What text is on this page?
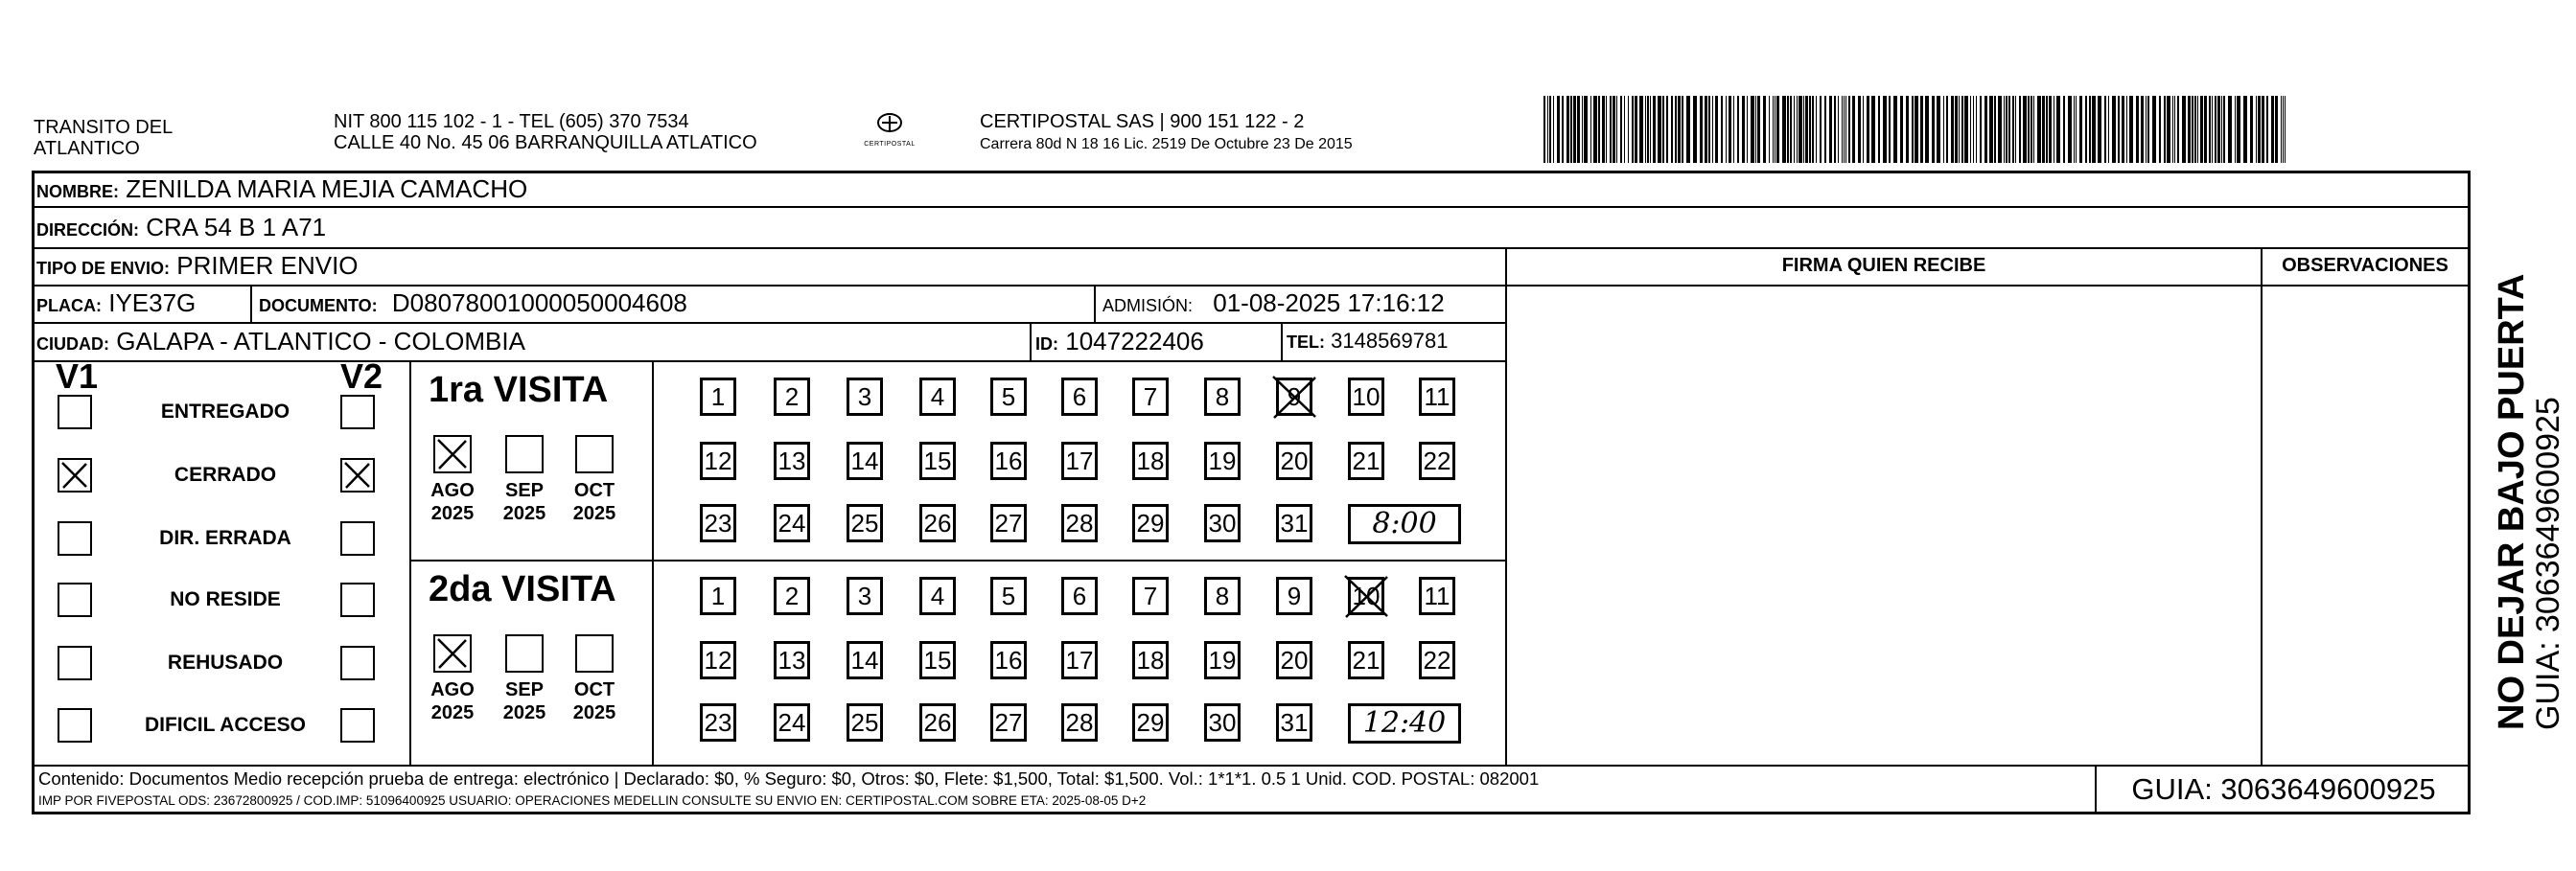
TRANSITO DEL
ATLANTICO
NIT 800 115 102 - 1 - TEL (605) 370 7534
CALLE 40 No. 45 06 BARRANQUILLA ATLATICO	CERTIPOSTAL
CERTIPOSTAL SAS | 900 151 122 - 2
Carrera 80d N 18 16 Lic. 2519 De Octubre 23 De 2015
NOMBRE: ZENILDA MARIA MEJIA CAMACHO
DIRECCIÓN: CRA 54 B 1 A71
TIPO DE ENVIO: PRIMER ENVIO
PLACA: IYE37G	DOCUMENTO: D08078001000050004608	ADMISIÓN: 01-08-2025 17:16:12
CIUDAD: GALAPA - ATLANTICO - COLOMBIA	ID: 1047222406	TEL: 3148569781
FIRMA QUIEN RECIBE	OBSERVACIONES
V1	V2
ENTREGADO
CERRADO
DIR. ERRADA
NO RESIDE
REHUSADO
DIFICIL ACCESO
1ra VISITA
AGO
2025
SEP
2025
OCT
2025
1	2	3	4	5	6	7	8	9	10 11
12 13 14 15 16 17 18 19 20 21 22
23 24 25 26 27 28 29 30 31	8:00
2da VISITA
AGO
2025
SEP
2025
OCT
2025
1	2	3	4	5	6	7	8	9	10 11
12 13 14 15 16 17 18 19 20 21 22
23 24 25 26 27 28 29 30 31	12:40
Contenido: Documentos Medio recepción prueba de entrega: electrónico | Declarado: $0, % Seguro: $0, Otros: $0, Flete: $1,500, Total: $1,500. Vol.: 1*1*1. 0.5 1 Unid. COD. POSTAL: 082001
IMP POR FIVEPOSTAL ODS: 23672800925 / COD.IMP: 51096400925 USUARIO: OPERACIONES MEDELLIN CONSULTE SU ENVIO EN: CERTIPOSTAL.COM SOBRE ETA: 2025-08-05 D+2	GUIA: 3063649600925
NO DEJAR BAJO PUERTA
GUIA: 3063649600925
